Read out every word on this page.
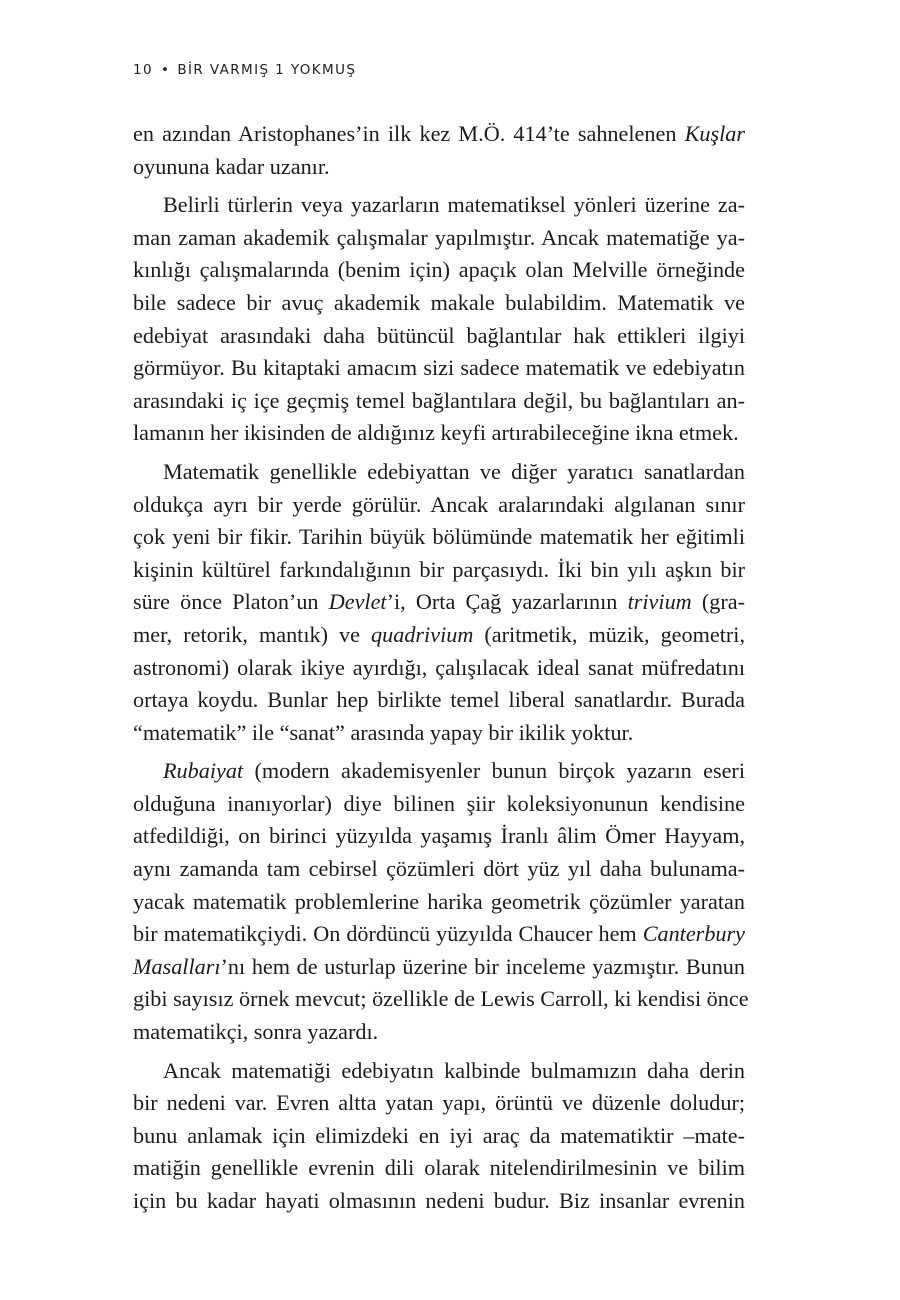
10 • BİR VARMIŞ 1 YOKMUŞ
en azından Aristophanes’in ilk kez M.Ö. 414’te sahnelenen Kuşlar
oyununa kadar uzanır.
Belirli türlerin veya yazarların matematiksel yönleri üzerine za-
man zaman akademik çalışmalar yapılmıştır. Ancak matematiğe ya-
kınlığı çalışmalarında (benim için) apaçık olan Melville örneğinde
bile sadece bir avuç akademik makale bulabildim. Matematik ve
edebiyat arasındaki daha bütüncül bağlantılar hak ettikleri ilgiyi
görmüyor. Bu kitaptaki amacım sizi sadece matematik ve edebiyatın
arasındaki iç içe geçmiş temel bağlantılara değil, bu bağlantıları an-
lamanın her ikisinden de aldığınız keyfi artırabileceğine ikna etmek.
Matematik genellikle edebiyattan ve diğer yaratıcı sanatlardan
oldukça ayrı bir yerde görülür. Ancak aralarındaki algılanan sınır
çok yeni bir fikir. Tarihin büyük bölümünde matematik her eğitimli
kişinin kültürel farkındalığının bir parçasıydı. İki bin yılı aşkın bir
süre önce Platon’un Devlet’i, Orta Çağ yazarlarının trivium (gra-
mer, retorik, mantık) ve quadrivium (aritmetik, müzik, geometri,
astronomi) olarak ikiye ayırdığı, çalışılacak ideal sanat müfredatını
ortaya koydu. Bunlar hep birlikte temel liberal sanatlardır. Burada
“matematik” ile “sanat” arasında yapay bir ikilik yoktur.
Rubaiyat (modern akademisyenler bunun birçok yazarın eseri
olduğuna inanıyorlar) diye bilinen şiir koleksiyonunun kendisine
atfedildiği, on birinci yüzyılda yaşamış İranlı âlim Ömer Hayyam,
aynı zamanda tam cebirsel çözümleri dört yüz yıl daha bulunama-
yacak matematik problemlerine harika geometrik çözümler yaratan
bir matematikçiydi. On dördüncü yüzyılda Chaucer hem Canterbury
Masalları’nı hem de usturlap üzerine bir inceleme yazmıştır. Bunun
gibi sayısız örnek mevcut; özellikle de Lewis Carroll, ki kendisi önce
matematikçi, sonra yazardı.
Ancak matematiği edebiyatın kalbinde bulmamızın daha derin
bir nedeni var. Evren altta yatan yapı, örüntü ve düzenle doludur;
bunu anlamak için elimizdeki en iyi araç da matematiktir –mate-
matiğin genellikle evrenin dili olarak nitelendirilmesinin ve bilim
için bu kadar hayati olmasının nedeni budur. Biz insanlar evrenin
